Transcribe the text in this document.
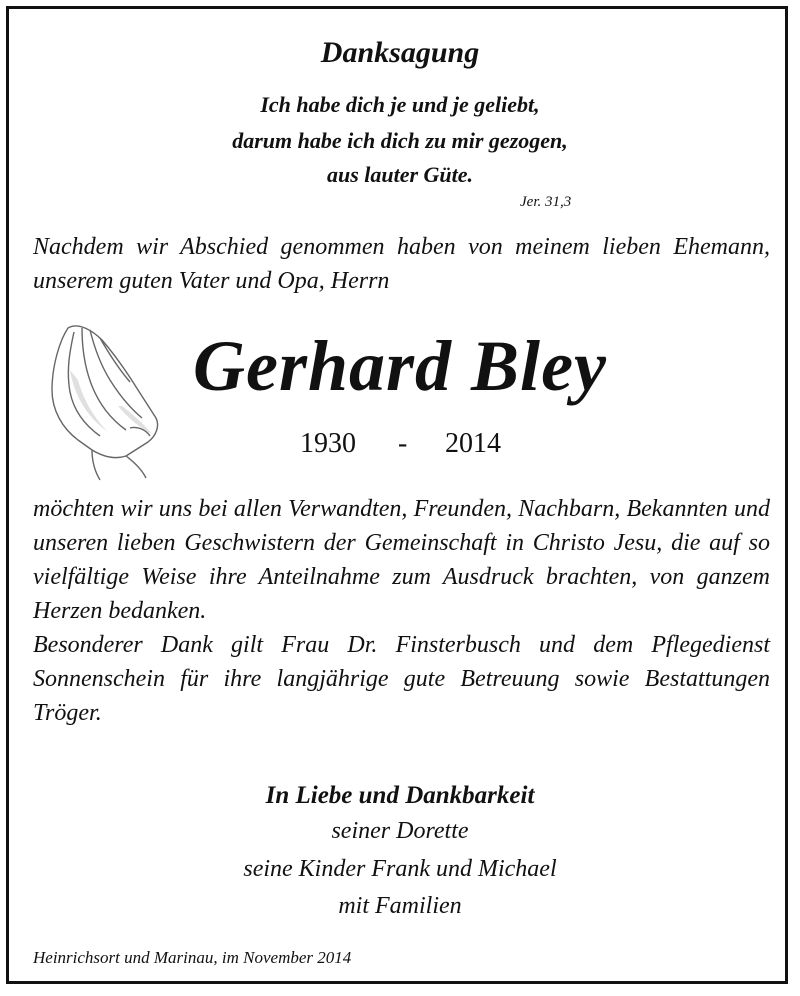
Danksagung
Ich habe dich je und je geliebt,
darum habe ich dich zu mir gezogen,
aus lauter Güte.
Jer. 31,3
Nachdem wir Abschied genommen haben von meinem lieben Ehemann, unserem guten Vater und Opa, Herrn
Gerhard Bley
1930 - 2014
möchten wir uns bei allen Verwandten, Freunden, Nachbarn, Bekannten und unseren lieben Geschwistern der Gemeinschaft in Christo Jesu, die auf so vielfältige Weise ihre Anteilnahme zum Ausdruck brachten, von ganzem Herzen bedanken.
Besonderer Dank gilt Frau Dr. Finsterbusch und dem Pflegedienst Sonnenschein für ihre langjährige gute Betreuung sowie Bestattungen Tröger.
In Liebe und Dankbarkeit
seiner Dorette
seine Kinder Frank und Michael
mit Familien
Heinrichsort und Marinau, im November 2014
